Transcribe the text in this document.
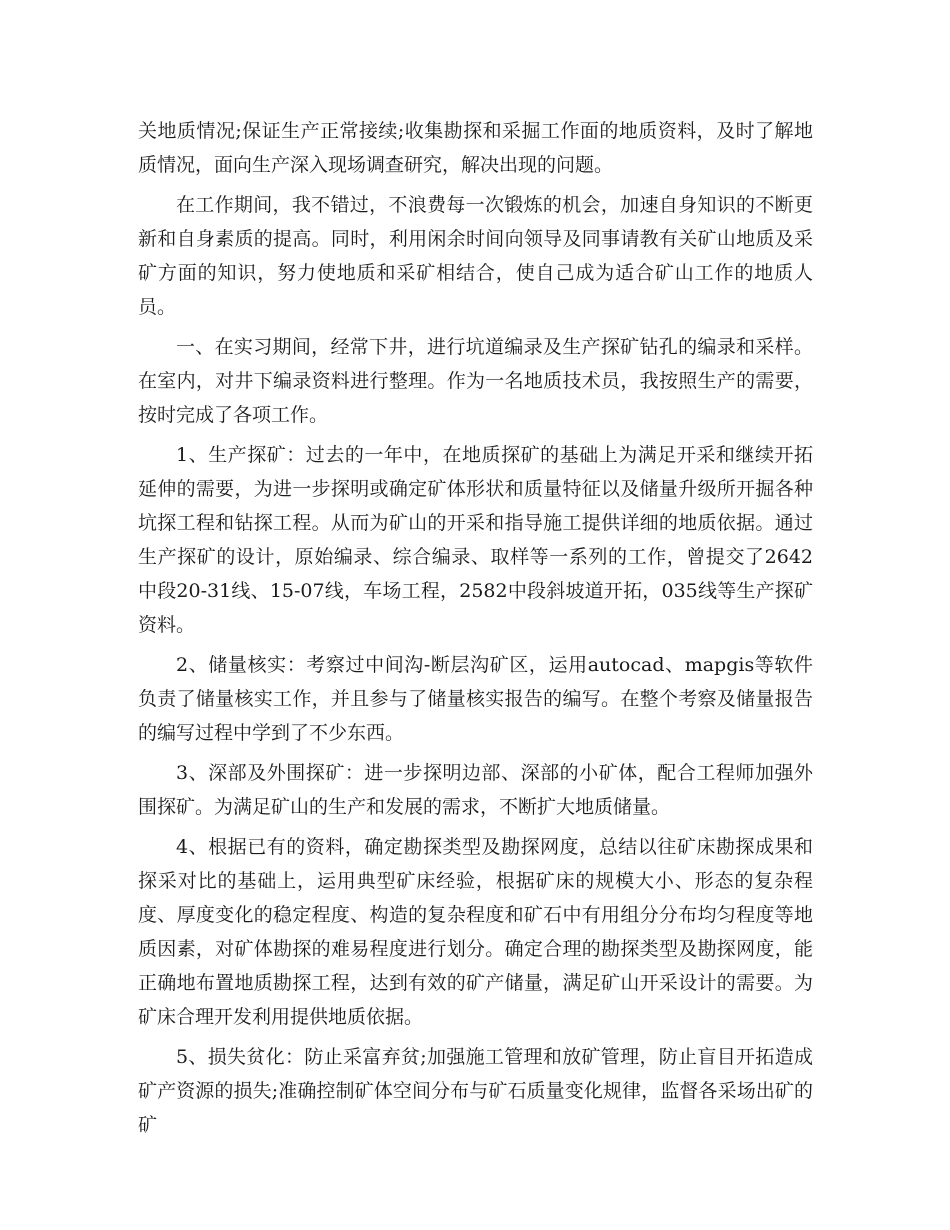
关地质情况;保证生产正常接续;收集勘探和采掘工作面的地质资料，及时了解地质情况，面向生产深入现场调查研究，解决出现的问题。

在工作期间，我不错过，不浪费每一次锻炼的机会，加速自身知识的不断更新和自身素质的提高。同时，利用闲余时间向领导及同事请教有关矿山地质及采矿方面的知识，努力使地质和采矿相结合，使自己成为适合矿山工作的地质人员。

一、在实习期间，经常下井，进行坑道编录及生产探矿钻孔的编录和采样。在室内，对井下编录资料进行整理。作为一名地质技术员，我按照生产的需要，按时完成了各项工作。

1、生产探矿：过去的一年中，在地质探矿的基础上为满足开采和继续开拓延伸的需要，为进一步探明或确定矿体形状和质量特征以及储量升级所开掘各种坑探工程和钻探工程。从而为矿山的开采和指导施工提供详细的地质依据。通过生产探矿的设计，原始编录、综合编录、取样等一系列的工作，曾提交了2642中段20-31线、15-07线，车场工程，2582中段斜坡道开拓，035线等生产探矿资料。

2、储量核实：考察过中间沟-断层沟矿区，运用autocad、mapgis等软件负责了储量核实工作，并且参与了储量核实报告的编写。在整个考察及储量报告的编写过程中学到了不少东西。

3、深部及外围探矿：进一步探明边部、深部的小矿体，配合工程师加强外围探矿。为满足矿山的生产和发展的需求，不断扩大地质储量。

4、根据已有的资料，确定勘探类型及勘探网度，总结以往矿床勘探成果和探采对比的基础上，运用典型矿床经验，根据矿床的规模大小、形态的复杂程度、厚度变化的稳定程度、构造的复杂程度和矿石中有用组分分布均匀程度等地质因素，对矿体勘探的难易程度进行划分。确定合理的勘探类型及勘探网度，能正确地布置地质勘探工程，达到有效的矿产储量，满足矿山开采设计的需要。为矿床合理开发利用提供地质依据。

5、损失贫化：防止采富弃贫;加强施工管理和放矿管理，防止盲目开拓造成矿产资源的损失;准确控制矿体空间分布与矿石质量变化规律，监督各采场出矿的矿
